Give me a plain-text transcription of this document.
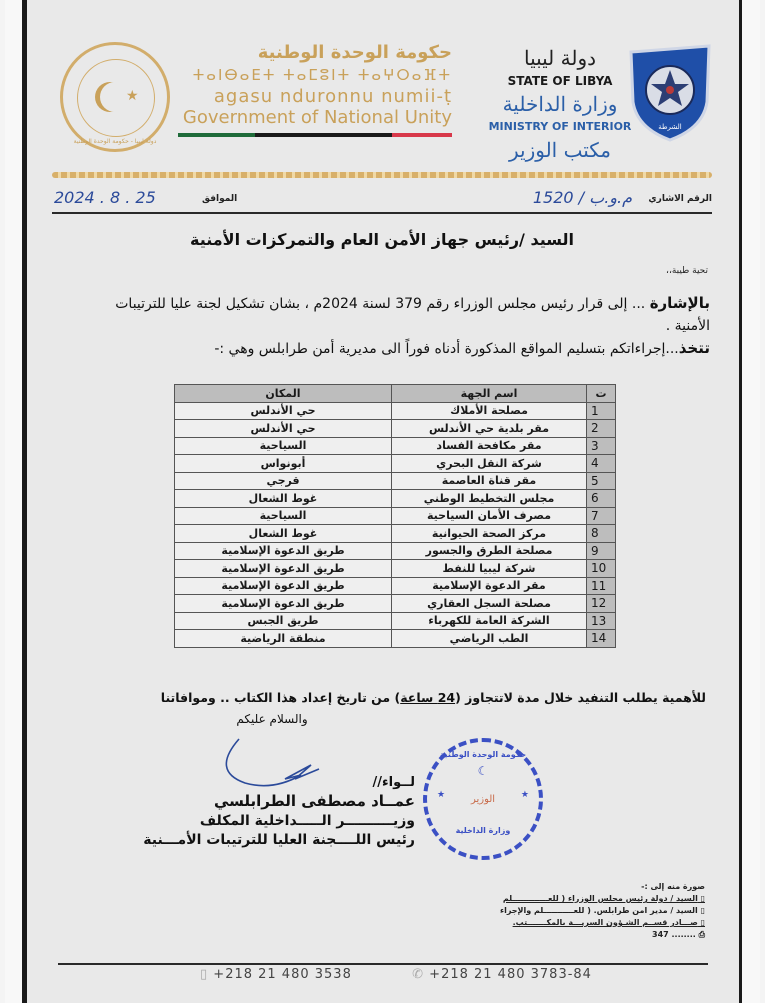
★
دولة ليبيا - حكومة الوحدة الوطنية
حكومة الوحدة الوطنية
ⵜⴰⵏⴱⴰⴹⵜ ⵜⴰⵎⵓⵏⵜ ⵜⴰⵖⵔⴰⴼⵜ
agasu nduronnu numii-ṭ
Government of National Unity
دولة ليبيا
STATE OF LIBYA
وزارة الداخلية
MINISTRY OF INTERIOR
مكتب الوزير
الشرطة
الرقم الاشاري
1520 / م.و.ب
الموافق
2024 . 8 . 25
السيد /رئيس جهاز الأمن العام والتمركزات الأمنية
تحية طيبة،،
بالإشارة ... إلى قرار رئيس مجلس الوزراء رقم 379 لسنة 2024م ، بشان تشكيل لجنة عليا للترتيبات الأمنية .
تتخذ...إجراءاتكم بتسليم المواقع المذكورة أدناه فوراً الى مديرية أمن طرابلس وهي :-
ت	اسم الجهة	المكان
1	مصلحة الأملاك	حي الأندلس
2	مقر بلدية حي الأندلس	حي الأندلس
3	مقر مكافحة الفساد	السياحية
4	شركة النقل البحري	أبونواس
5	مقر قناة العاصمة	قرجي
6	مجلس التخطيط الوطني	غوط الشعال
7	مصرف الأمان السياحية	السياحية
8	مركز الصحة الحيوانية	غوط الشعال
9	مصلحة الطرق والجسور	طريق الدعوة الإسلامية
10	شركة ليبيا للنفط	طريق الدعوة الإسلامية
11	مقر الدعوة الإسلامية	طريق الدعوة الإسلامية
12	مصلحة السجل العقاري	طريق الدعوة الإسلامية
13	الشركة العامة للكهرباء	طريق الجبس
14	الطب الرياضي	منطقة الرياضية
للأهمية يطلب التنفيد خلال مدة لاتتجاوز (24 ساعة) من تاريخ إعداد هذا الكتاب .. وموافاتنا
والسلام عليكم
لــواء//
عمــاد مصطفى الطرابلسي
وزيــــــــــر الـــــداخلية المكلف
رئيس اللــــجنة العليا للترتيبات الأمـــنية
حكومة الوحدة الوطنية
☾
الوزير
★	★
وزارة الداخلية
صورة منه إلى :-
▯ السيد / دولة رئيس مجلس الوزراء ( للعـــــــــــــلم
▯ السيد / مدير امن طرابلس. ( للعـــــــــــلم والإجراء
▯ صـــادر قســم الشـؤون السريـــة بالمكـــــــتب.
⎙ ........ 347
▯ +218 21 480 3538	✆ +218 21 480 3783-84
